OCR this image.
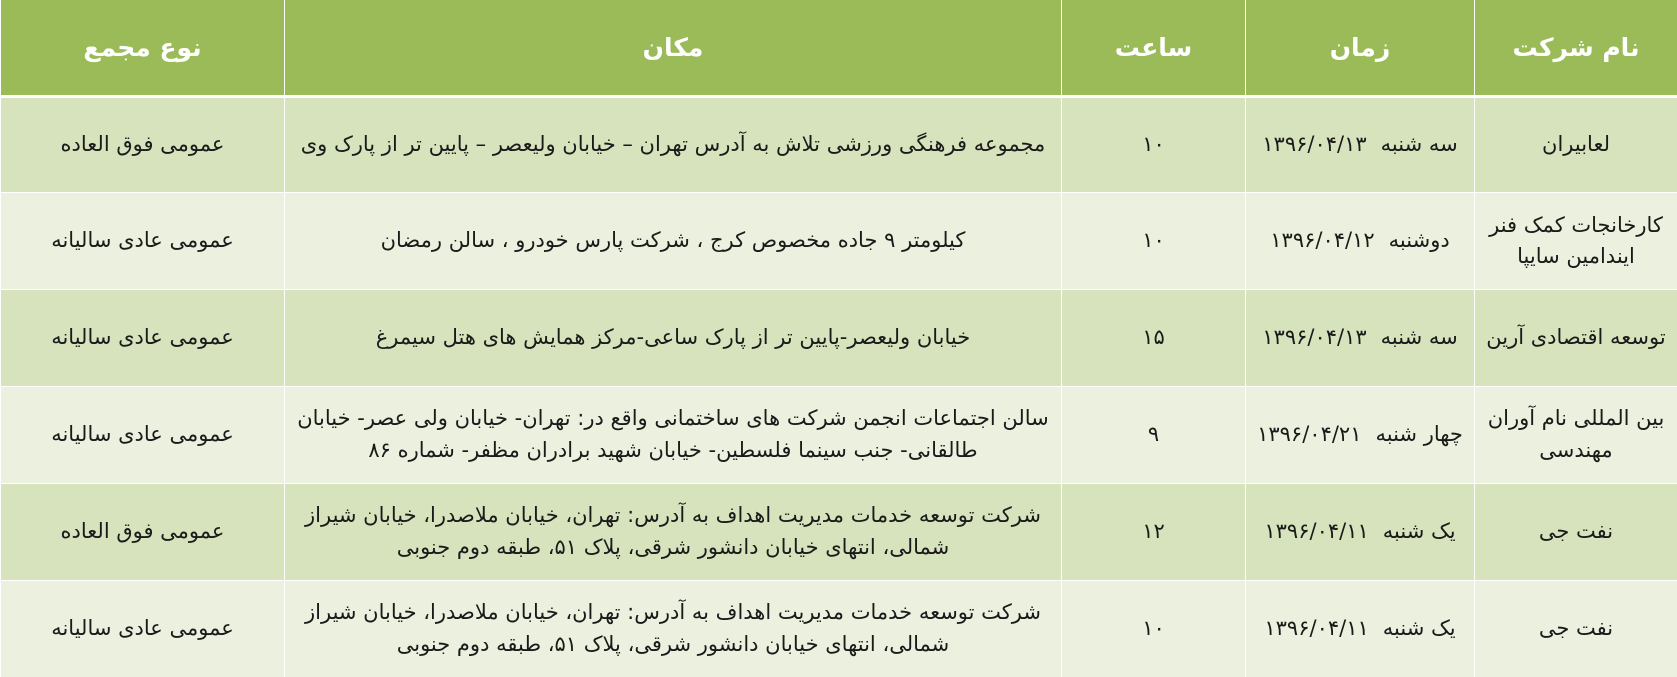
نام شرکت	زمان	ساعت	مکان	نوع مجمع
لعابیران	سه شنبه۱۳۹۶/۰۴/۱۳	۱۰	مجموعه فرهنگی ورزشی تلاش به آدرس تهران – خیابان ولیعصر – پایین تر از پارک وی	عمومی فوق العاده
کارخانجات کمک فنر ایندامین سایپا	دوشنبه۱۳۹۶/۰۴/۱۲	۱۰	کیلومتر ۹ جاده مخصوص کرج ، شرکت پارس خودرو ، سالن رمضان	عمومی عادی سالیانه
توسعه اقتصادی آرین	سه شنبه۱۳۹۶/۰۴/۱۳	۱۵	خیابان ولیعصر-پایین تر از پارک ساعی-مرکز همایش های هتل سیمرغ	عمومی عادی سالیانه
بین المللی نام آوران مهندسی	چهار شنبه۱۳۹۶/۰۴/۲۱	۹	سالن اجتماعات انجمن شرکت های ساختمانی واقع در: تهران- خیابان ولی عصر- خیابان طالقانی- جنب سینما فلسطین- خیابان شهید برادران مظفر- شماره ۸۶	عمومی عادی سالیانه
نفت جی	یک شنبه۱۳۹۶/۰۴/۱۱	۱۲	شرکت توسعه خدمات مدیریت اهداف به آدرس: تهران، خیابان ملاصدرا، خیابان شیراز شمالی، انتهای خیابان دانشور شرقی، پلاک ۵۱، طبقه دوم جنوبی	عمومی فوق العاده
نفت جی	یک شنبه۱۳۹۶/۰۴/۱۱	۱۰	شرکت توسعه خدمات مدیریت اهداف به آدرس: تهران، خیابان ملاصدرا، خیابان شیراز شمالی، انتهای خیابان دانشور شرقی، پلاک ۵۱، طبقه دوم جنوبی	عمومی عادی سالیانه
